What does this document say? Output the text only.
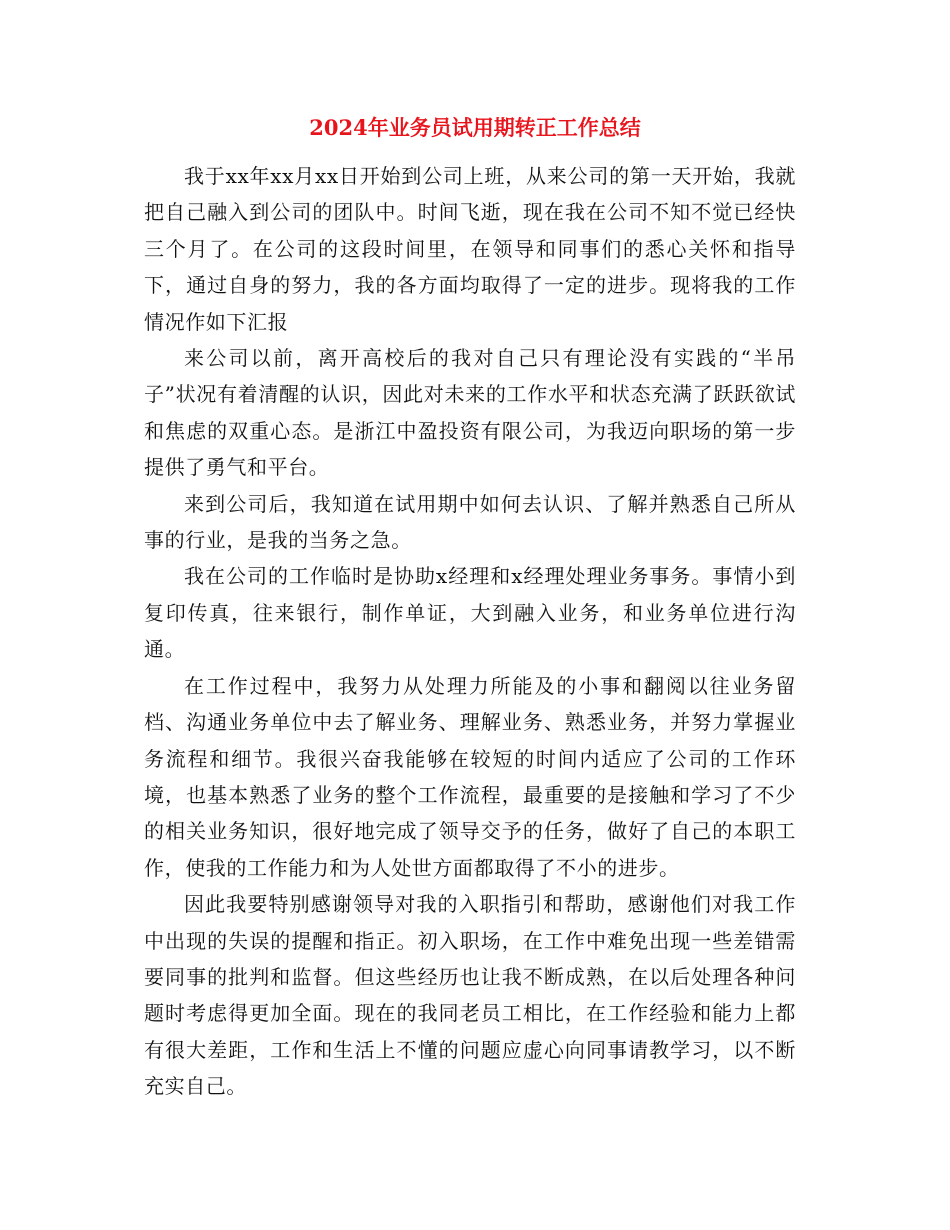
2024年业务员试用期转正工作总结

我于xx年xx月xx日开始到公司上班，从来公司的第一天开始，我就把自己融入到公司的团队中。时间飞逝，现在我在公司不知不觉已经快三个月了。在公司的这段时间里，在领导和同事们的悉心关怀和指导下，通过自身的努力，我的各方面均取得了一定的进步。现将我的工作情况作如下汇报

来公司以前，离开高校后的我对自己只有理论没有实践的“半吊子”状况有着清醒的认识，因此对未来的工作水平和状态充满了跃跃欲试和焦虑的双重心态。是浙江中盈投资有限公司，为我迈向职场的第一步提供了勇气和平台。

来到公司后，我知道在试用期中如何去认识、了解并熟悉自己所从事的行业，是我的当务之急。

我在公司的工作临时是协助x经理和x经理处理业务事务。事情小到复印传真，往来银行，制作单证，大到融入业务，和业务单位进行沟通。

在工作过程中，我努力从处理力所能及的小事和翻阅以往业务留档、沟通业务单位中去了解业务、理解业务、熟悉业务，并努力掌握业务流程和细节。我很兴奋我能够在较短的时间内适应了公司的工作环境，也基本熟悉了业务的整个工作流程，最重要的是接触和学习了不少的相关业务知识，很好地完成了领导交予的任务，做好了自己的本职工作，使我的工作能力和为人处世方面都取得了不小的进步。

因此我要特别感谢领导对我的入职指引和帮助，感谢他们对我工作中出现的失误的提醒和指正。初入职场，在工作中难免出现一些差错需要同事的批判和监督。但这些经历也让我不断成熟，在以后处理各种问题时考虑得更加全面。现在的我同老员工相比，在工作经验和能力上都有很大差距，工作和生活上不懂的问题应虚心向同事请教学习，以不断充实自己。
